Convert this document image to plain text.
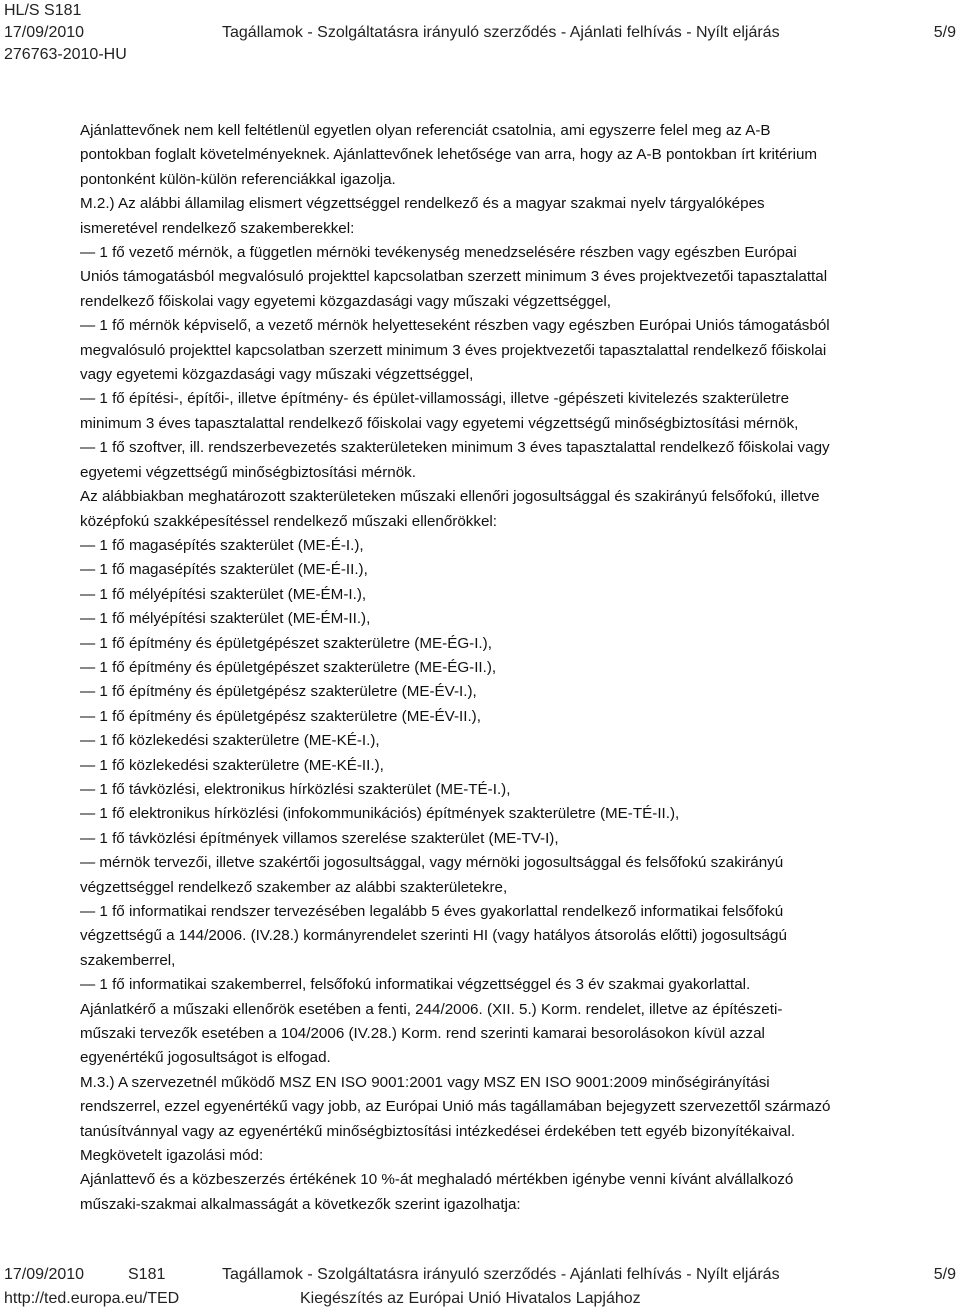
HL/S S181
17/09/2010	Tagállamok - Szolgáltatásra irányuló szerződés - Ajánlati felhívás - Nyílt eljárás	5/9
276763-2010-HU
Ajánlattevőnek nem kell feltétlenül egyetlen olyan referenciát csatolnia, ami egyszerre felel meg az A-B
pontokban foglalt követelményeknek. Ajánlattevőnek lehetősége van arra, hogy az A-B pontokban írt kritérium
pontonként külön-külön referenciákkal igazolja.
M.2.) Az alábbi államilag elismert végzettséggel rendelkező és a magyar szakmai nyelv tárgyalóképes
ismeretével rendelkező szakemberekkel:
— 1 fő vezető mérnök, a független mérnöki tevékenység menedzselésére részben vagy egészben Európai
Uniós támogatásból megvalósuló projekttel kapcsolatban szerzett minimum 3 éves projektvezetői tapasztalattal
rendelkező főiskolai vagy egyetemi közgazdasági vagy műszaki végzettséggel,
— 1 fő mérnök képviselő, a vezető mérnök helyetteseként részben vagy egészben Európai Uniós támogatásból
megvalósuló projekttel kapcsolatban szerzett minimum 3 éves projektvezetői tapasztalattal rendelkező főiskolai
vagy egyetemi közgazdasági vagy műszaki végzettséggel,
— 1 fő építési-, építői-, illetve építmény- és épület-villamossági, illetve -gépészeti kivitelezés szakterületre
minimum 3 éves tapasztalattal rendelkező főiskolai vagy egyetemi végzettségű minőségbiztosítási mérnök,
— 1 fő szoftver, ill. rendszerbevezetés szakterületeken minimum 3 éves tapasztalattal rendelkező főiskolai vagy
egyetemi végzettségű minőségbiztosítási mérnök.
Az alábbiakban meghatározott szakterületeken műszaki ellenőri jogosultsággal és szakirányú felsőfokú, illetve
középfokú szakképesítéssel rendelkező műszaki ellenőrökkel:
— 1 fő magasépítés szakterület (ME-É-I.),
— 1 fő magasépítés szakterület (ME-É-II.),
— 1 fő mélyépítési szakterület (ME-ÉM-I.),
— 1 fő mélyépítési szakterület (ME-ÉM-II.),
— 1 fő építmény és épületgépészet szakterületre (ME-ÉG-I.),
— 1 fő építmény és épületgépészet szakterületre (ME-ÉG-II.),
— 1 fő építmény és épületgépész szakterületre (ME-ÉV-I.),
— 1 fő építmény és épületgépész szakterületre (ME-ÉV-II.),
— 1 fő közlekedési szakterületre (ME-KÉ-I.),
— 1 fő közlekedési szakterületre (ME-KÉ-II.),
— 1 fő távközlési, elektronikus hírközlési szakterület (ME-TÉ-I.),
— 1 fő elektronikus hírközlési (infokommunikációs) építmények szakterületre (ME-TÉ-II.),
— 1 fő távközlési építmények villamos szerelése szakterület (ME-TV-I),
— mérnök tervezői, illetve szakértői jogosultsággal, vagy mérnöki jogosultsággal és felsőfokú szakirányú
végzettséggel rendelkező szakember az alábbi szakterületekre,
— 1 fő informatikai rendszer tervezésében legalább 5 éves gyakorlattal rendelkező informatikai felsőfokú
végzettségű a 144/2006. (IV.28.) kormányrendelet szerinti HI (vagy hatályos átsorolás előtti) jogosultságú
szakemberrel,
— 1 fő informatikai szakemberrel, felsőfokú informatikai végzettséggel és 3 év szakmai gyakorlattal.
Ajánlatkérő a műszaki ellenőrök esetében a fenti, 244/2006. (XII. 5.) Korm. rendelet, illetve az építészeti-
műszaki tervezők esetében a 104/2006 (IV.28.) Korm. rend szerinti kamarai besorolásokon kívül azzal
egyenértékű jogosultságot is elfogad.
M.3.) A szervezetnél működő MSZ EN ISO 9001:2001 vagy MSZ EN ISO 9001:2009 minőségirányítási
rendszerrel, ezzel egyenértékű vagy jobb, az Európai Unió más tagállamában bejegyzett szervezettől származó
tanúsítvánnyal vagy az egyenértékű minőségbiztosítási intézkedései érdekében tett egyéb bizonyítékaival.
Megkövetelt igazolási mód:
Ajánlattevő és a közbeszerzés értékének 10 %-át meghaladó mértékben igénybe venni kívánt alvállalkozó
műszaki-szakmai alkalmasságát a következők szerint igazolhatja:
17/09/2010	S181	Tagállamok - Szolgáltatásra irányuló szerződés - Ajánlati felhívás - Nyílt eljárás	5/9
http://ted.europa.eu/TED	Kiegészítés az Európai Unió Hivatalos Lapjához
